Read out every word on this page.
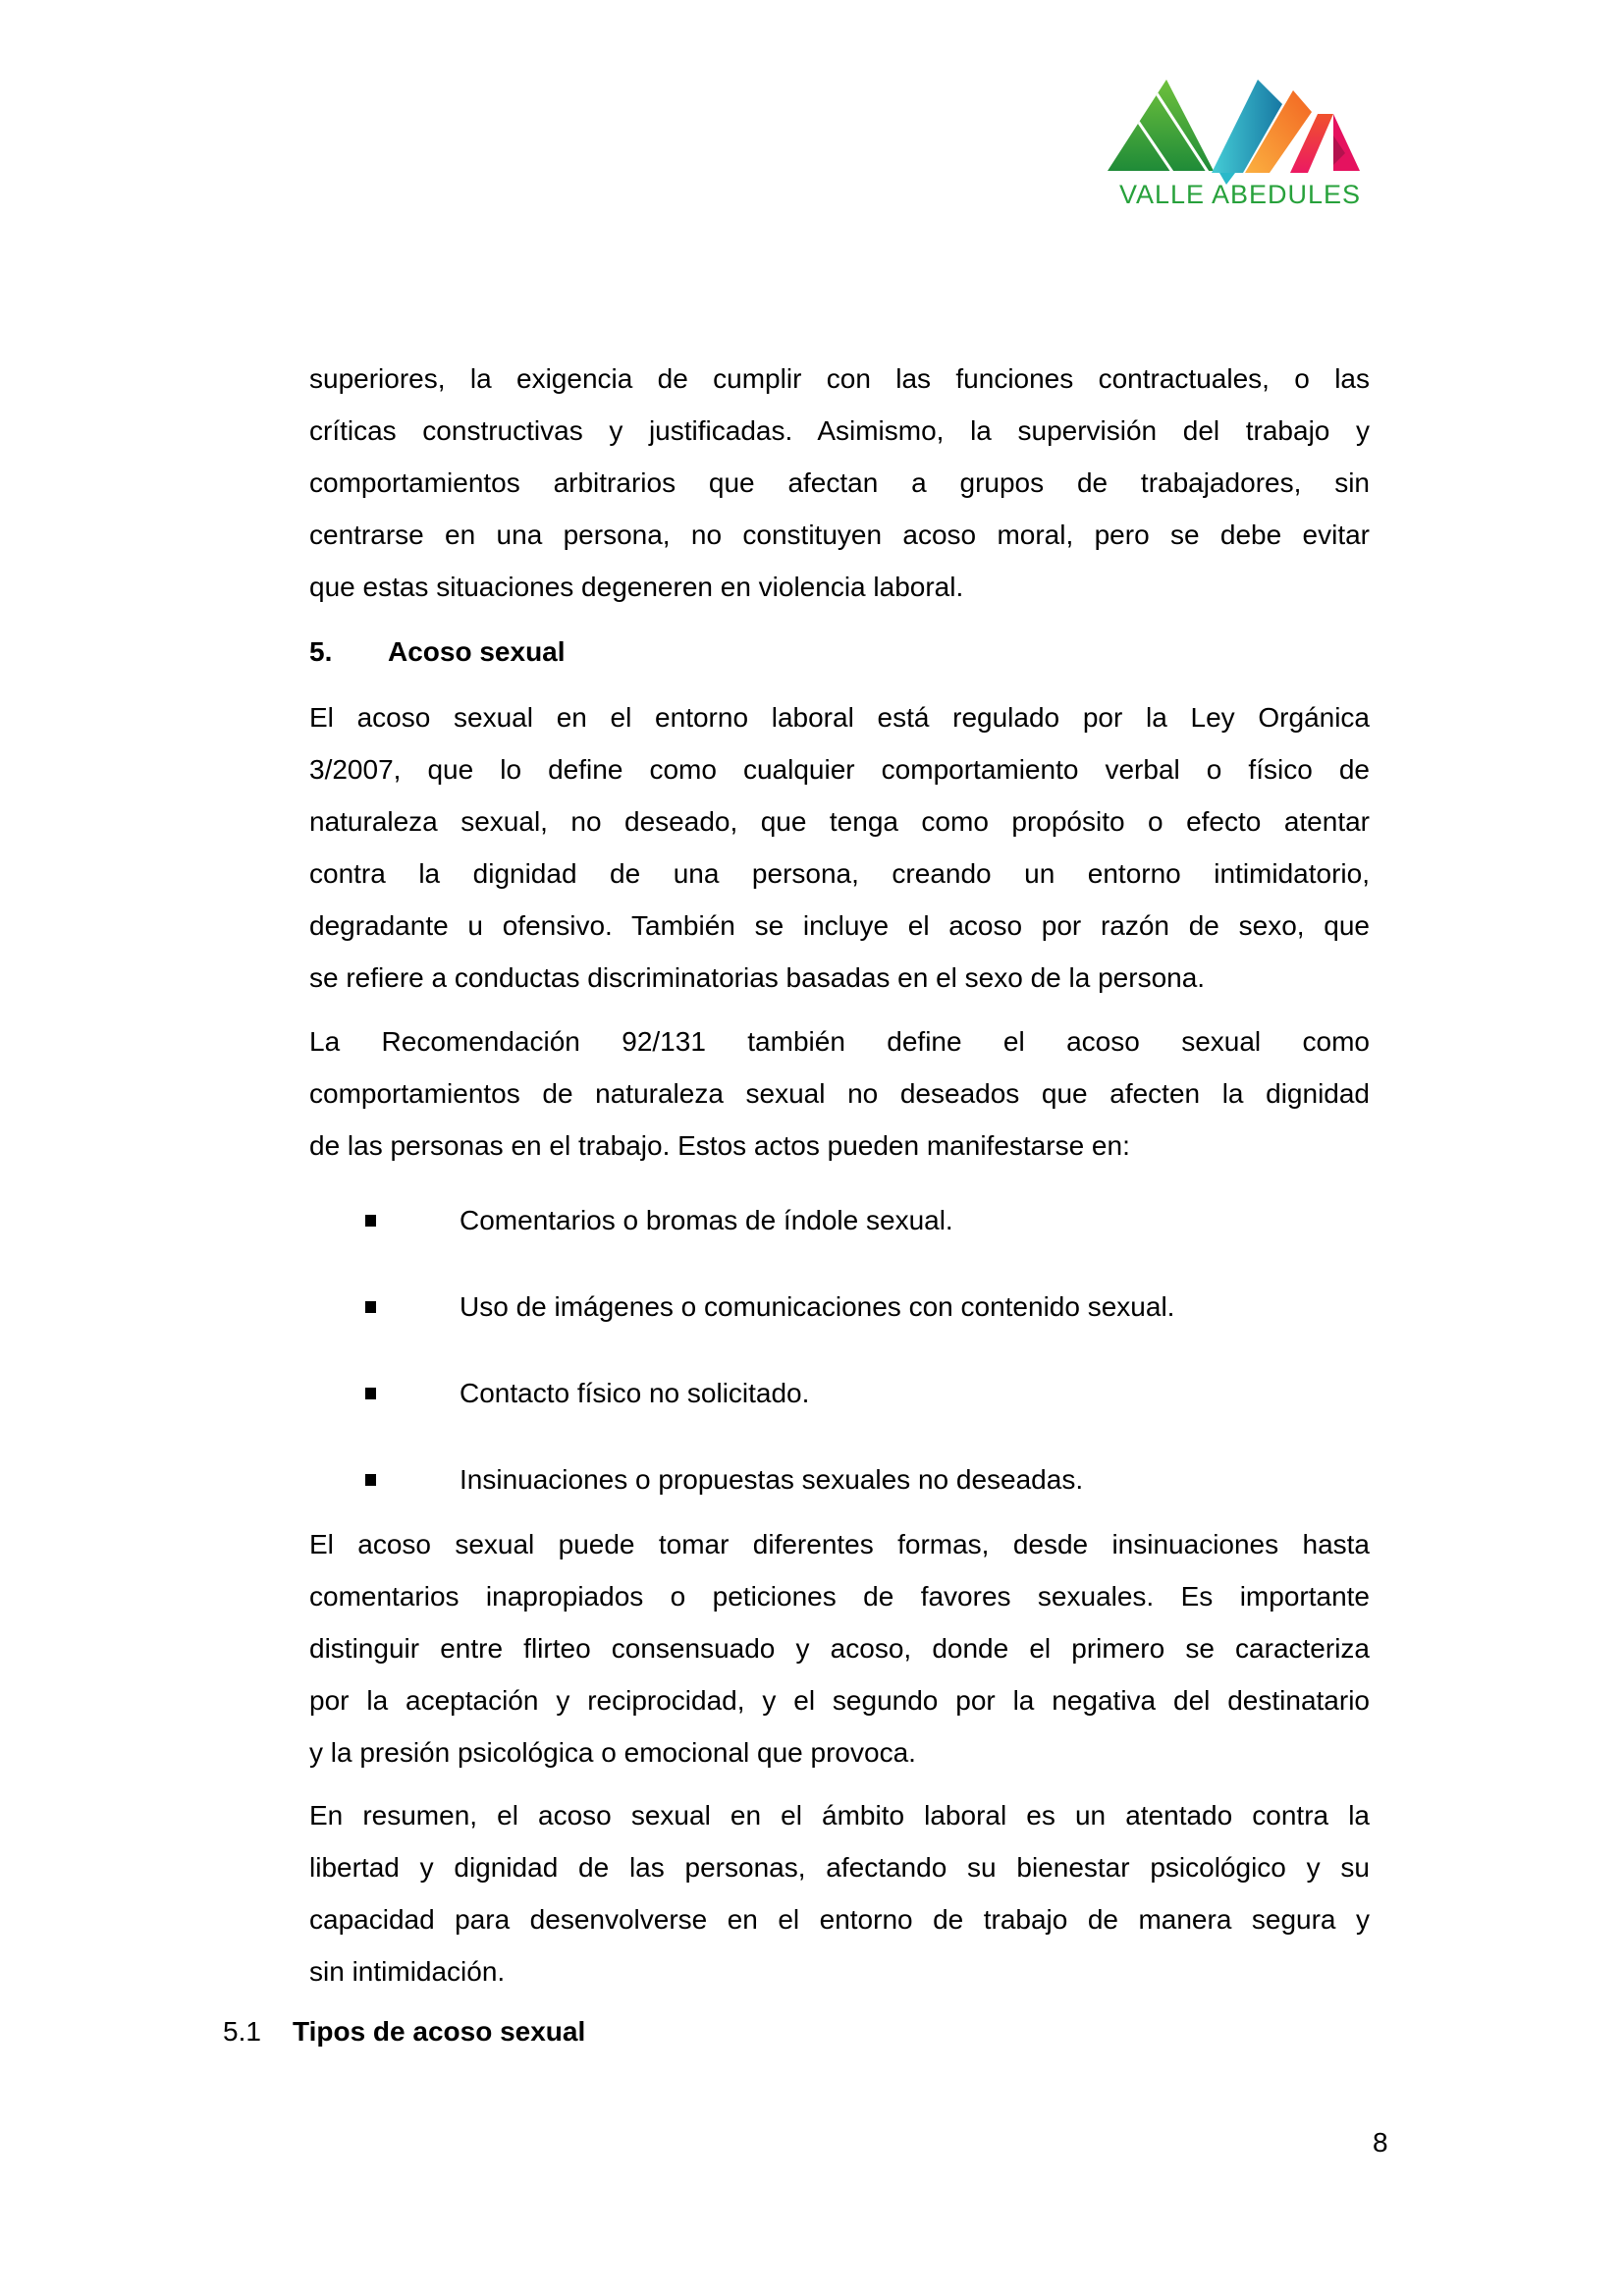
VALLE ABEDULES
superiores, la exigencia de cumplir con las funciones contractuales, o las
críticas constructivas y justificadas. Asimismo, la supervisión del trabajo y
comportamientos arbitrarios que afectan a grupos de trabajadores, sin
centrarse en una persona, no constituyen acoso moral, pero se debe evitar
que estas situaciones degeneren en violencia laboral.
5. Acoso sexual
El acoso sexual en el entorno laboral está regulado por la Ley Orgánica
3/2007, que lo define como cualquier comportamiento verbal o físico de
naturaleza sexual, no deseado, que tenga como propósito o efecto atentar
contra la dignidad de una persona, creando un entorno intimidatorio,
degradante u ofensivo. También se incluye el acoso por razón de sexo, que
se refiere a conductas discriminatorias basadas en el sexo de la persona.
La Recomendación 92/131 también define el acoso sexual como
comportamientos de naturaleza sexual no deseados que afecten la dignidad
de las personas en el trabajo. Estos actos pueden manifestarse en:
Comentarios o bromas de índole sexual.
Uso de imágenes o comunicaciones con contenido sexual.
Contacto físico no solicitado.
Insinuaciones o propuestas sexuales no deseadas.
El acoso sexual puede tomar diferentes formas, desde insinuaciones hasta
comentarios inapropiados o peticiones de favores sexuales. Es importante
distinguir entre flirteo consensuado y acoso, donde el primero se caracteriza
por la aceptación y reciprocidad, y el segundo por la negativa del destinatario
y la presión psicológica o emocional que provoca.
En resumen, el acoso sexual en el ámbito laboral es un atentado contra la
libertad y dignidad de las personas, afectando su bienestar psicológico y su
capacidad para desenvolverse en el entorno de trabajo de manera segura y
sin intimidación.
5.1 Tipos de acoso sexual
8
